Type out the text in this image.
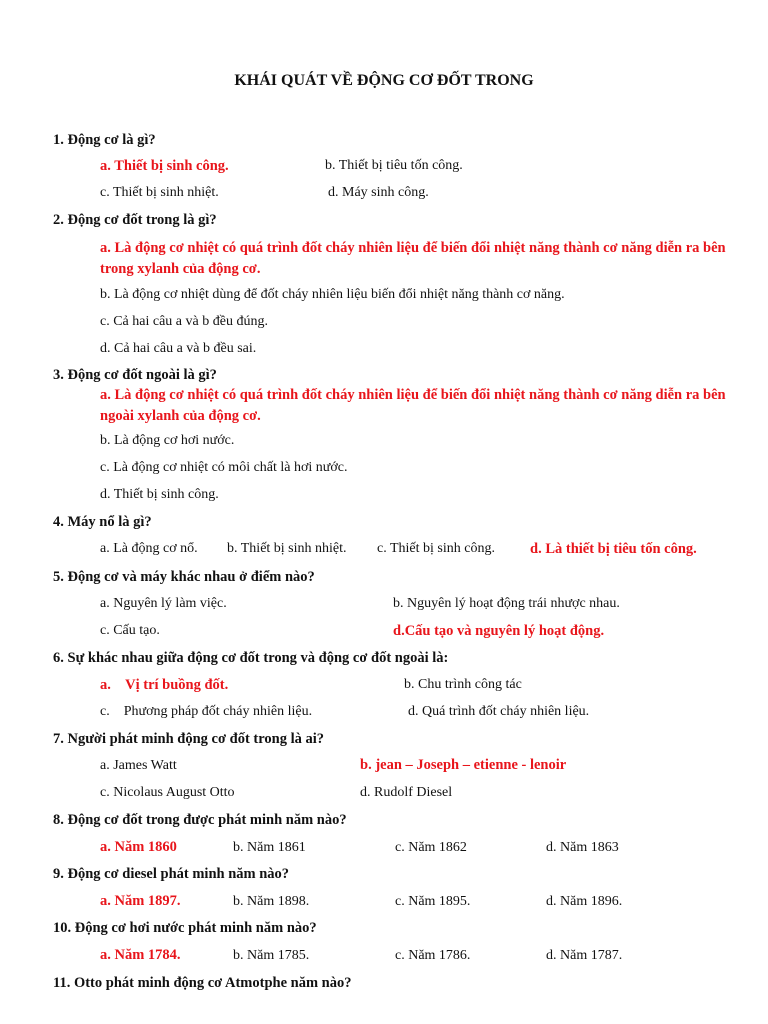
KHÁI QUÁT VỀ ĐỘNG CƠ ĐỐT TRONG
1. Động cơ là gì?
a. Thiết bị sinh công.	b. Thiết bị tiêu tốn công.
c. Thiết bị sinh nhiệt.	d. Máy sinh công.
2. Động cơ đốt trong là gì?
a. Là động cơ nhiệt có quá trình đốt cháy nhiên liệu để biến đổi nhiệt năng thành cơ năng diễn ra bên trong xylanh của động cơ.
b. Là động cơ nhiệt dùng để đốt cháy nhiên liệu biến đổi nhiệt năng thành cơ năng.
c. Cả hai câu a và b đều đúng.
d. Cả hai câu a và b đều sai.
3. Động cơ đốt ngoài là gì?
a. Là động cơ nhiệt có quá trình đốt cháy nhiên liệu để biến đổi nhiệt năng thành cơ năng diễn ra bên ngoài xylanh của động cơ.
b. Là động cơ hơi nước.
c. Là động cơ nhiệt có môi chất là hơi nước.
d. Thiết bị sinh công.
4. Máy nổ là gì?
a. Là động cơ nổ. b. Thiết bị sinh nhiệt. c. Thiết bị sinh công. d. Là thiết bị tiêu tốn công.
5. Động cơ và máy khác nhau ở điểm nào?
a. Nguyên lý làm việc.	b. Nguyên lý hoạt động trái nhược nhau.
c. Cấu tạo.	d.Cấu tạo và nguyên lý hoạt động.
6. Sự khác nhau giữa động cơ đốt trong và động cơ đốt ngoài là:
a.    Vị trí buồng đốt.	b. Chu trình công tác
c.    Phương pháp đốt cháy nhiên liệu.	d. Quá trình đốt cháy nhiên liệu.
7. Người phát minh động cơ đốt trong là ai?
a. James Watt	b. jean – Joseph – etienne - lenoir
c. Nicolaus August Otto	d. Rudolf Diesel
8. Động cơ đốt trong được phát minh năm nào?
a. Năm 1860	b. Năm 1861	c. Năm 1862	d. Năm 1863
9. Động cơ diesel phát minh năm nào?
a. Năm 1897.	b. Năm 1898.	c. Năm 1895.	d. Năm 1896.
10. Động cơ hơi nước phát minh năm nào?
a. Năm 1784.	b. Năm 1785.	c. Năm 1786.	d. Năm 1787.
11. Otto phát minh động cơ Atmotphe năm nào?
